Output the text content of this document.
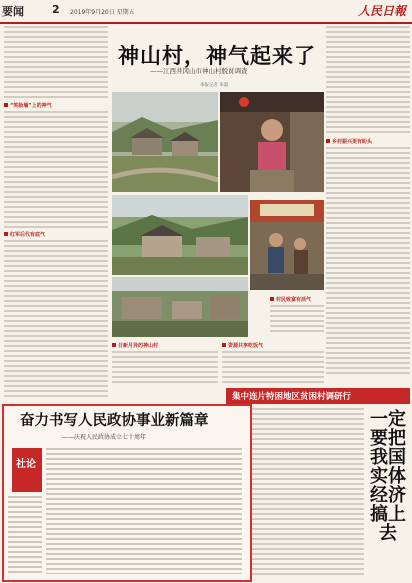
要闻	2 2019年9月20日 星期五	人民日報
“笑脸墙”上的神气
红军后代有底气
乡村振兴更有盼头
神山村，神气起来了
——江西井冈山市神山村脱贫调查
本报记者 朱磊
日新月异的神山村	资源共享吃饭气
村民致富有活气
集中连片特困地区贫困村调研行
奋力书写人民政协事业新篇章
——庆祝人民政协成立七十周年
社论
一定要把我国实体经济搞上去
